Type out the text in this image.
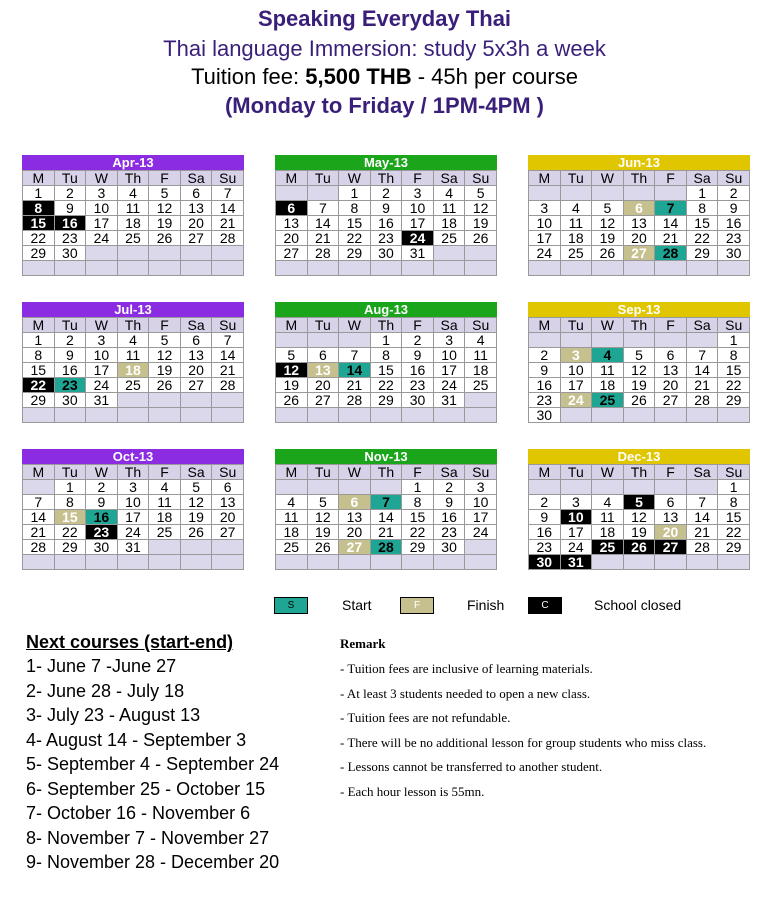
Speaking Everyday Thai
Thai language Immersion: study 5x3h a week
Tuition fee: 5,500 THB - 45h per course
(Monday to Friday / 1PM-4PM )
Apr-13
M	Tu	W	Th	F	Sa	Su
1	2	3	4	5	6	7
8	9	10	11	12	13	14
15	16	17	18	19	20	21
22	23	24	25	26	27	28
29	30					

May-13
M	Tu	W	Th	F	Sa	Su
		1	2	3	4	5
6	7	8	9	10	11	12
13	14	15	16	17	18	19
20	21	22	23	24	25	26
27	28	29	30	31		

Jun-13
M	Tu	W	Th	F	Sa	Su
					1	2
3	4	5	6	7	8	9
10	11	12	13	14	15	16
17	18	19	20	21	22	23
24	25	26	27	28	29	30

Jul-13
M	Tu	W	Th	F	Sa	Su
1	2	3	4	5	6	7
8	9	10	11	12	13	14
15	16	17	18	19	20	21
22	23	24	25	26	27	28
29	30	31				

Aug-13
M	Tu	W	Th	F	Sa	Su
			1	2	3	4
5	6	7	8	9	10	11
12	13	14	15	16	17	18
19	20	21	22	23	24	25
26	27	28	29	30	31	

Sep-13
M	Tu	W	Th	F	Sa	Su
						1
2	3	4	5	6	7	8
9	10	11	12	13	14	15
16	17	18	19	20	21	22
23	24	25	26	27	28	29
30						
Oct-13
M	Tu	W	Th	F	Sa	Su
	1	2	3	4	5	6
7	8	9	10	11	12	13
14	15	16	17	18	19	20
21	22	23	24	25	26	27
28	29	30	31			

Nov-13
M	Tu	W	Th	F	Sa	Su
				1	2	3
4	5	6	7	8	9	10
11	12	13	14	15	16	17
18	19	20	21	22	23	24
25	26	27	28	29	30	

Dec-13
M	Tu	W	Th	F	Sa	Su
						1
2	3	4	5	6	7	8
9	10	11	12	13	14	15
16	17	18	19	20	21	22
23	24	25	26	27	28	29
30	31					
S	Start	F	Finish	C	School closed
Next courses (start-end)
1- June 7 -June 27
2- June 28 - July 18
3- July 23 - August 13
4- August 14 - September 3
5- September 4 - September 24
6- September 25 - October 15
7- October 16 - November 6
8- November 7 - November 27
9- November 28 - December 20
Remark
- Tuition fees are inclusive of learning materials.
- At least 3 students needed to open a new class.
- Tuition fees are not refundable.
- There will be no additional lesson for group students who miss class.
- Lessons cannot be transferred to another student.
- Each hour lesson is 55mn.
